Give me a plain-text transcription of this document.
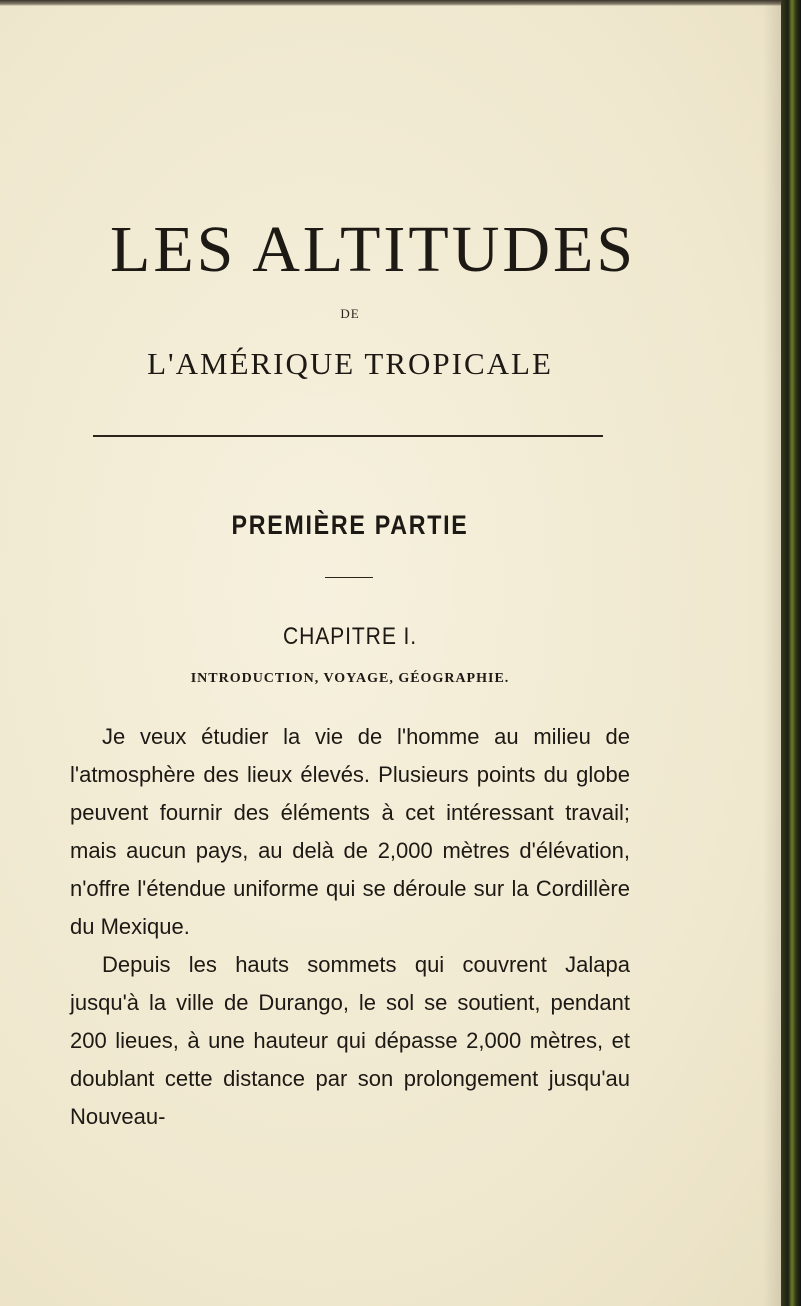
LES ALTITUDES
DE
L'AMÉRIQUE TROPICALE
PREMIÈRE PARTIE
CHAPITRE I.
INTRODUCTION, VOYAGE, GÉOGRAPHIE.

Je veux étudier la vie de l'homme au milieu de l'atmosphère des lieux élevés. Plusieurs points du globe peuvent fournir des éléments à cet intéressant travail; mais aucun pays, au delà de 2,000 mètres d'élévation, n'offre l'étendue uniforme qui se déroule sur la Cordillère du Mexique.

Depuis les hauts sommets qui couvrent Jalapa jusqu'à la ville de Durango, le sol se soutient, pendant 200 lieues, à une hauteur qui dépasse 2,000 mètres, et doublant cette distance par son prolongement jusqu'au Nouveau-
